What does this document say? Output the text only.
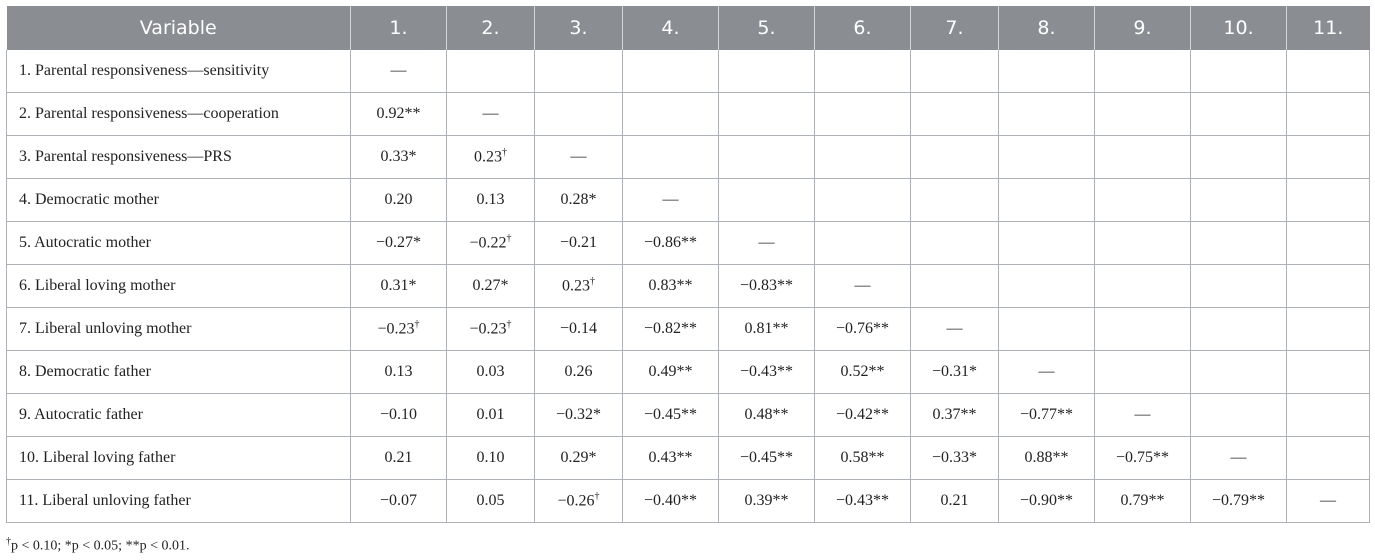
Variable	1.	2.	3.	4.	5.	6.	7.	8.	9.	10.	11.
1. Parental responsiveness—sensitivity	—										
2. Parental responsiveness—cooperation	0.92**	—									
3. Parental responsiveness—PRS	0.33*	0.23†	—								
4. Democratic mother	0.20	0.13	0.28*	—							
5. Autocratic mother	−0.27*	−0.22†	−0.21	−0.86**	—						
6. Liberal loving mother	0.31*	0.27*	0.23†	0.83**	−0.83**	—					
7. Liberal unloving mother	−0.23†	−0.23†	−0.14	−0.82**	0.81**	−0.76**	—				
8. Democratic father	0.13	0.03	0.26	0.49**	−0.43**	0.52**	−0.31*	—			
9. Autocratic father	−0.10	0.01	−0.32*	−0.45**	0.48**	−0.42**	0.37**	−0.77**	—		
10. Liberal loving father	0.21	0.10	0.29*	0.43**	−0.45**	0.58**	−0.33*	0.88**	−0.75**	—	
11. Liberal unloving father	−0.07	0.05	−0.26†	−0.40**	0.39**	−0.43**	0.21	−0.90**	0.79**	−0.79**	—
†p < 0.10; *p < 0.05; **p < 0.01.
